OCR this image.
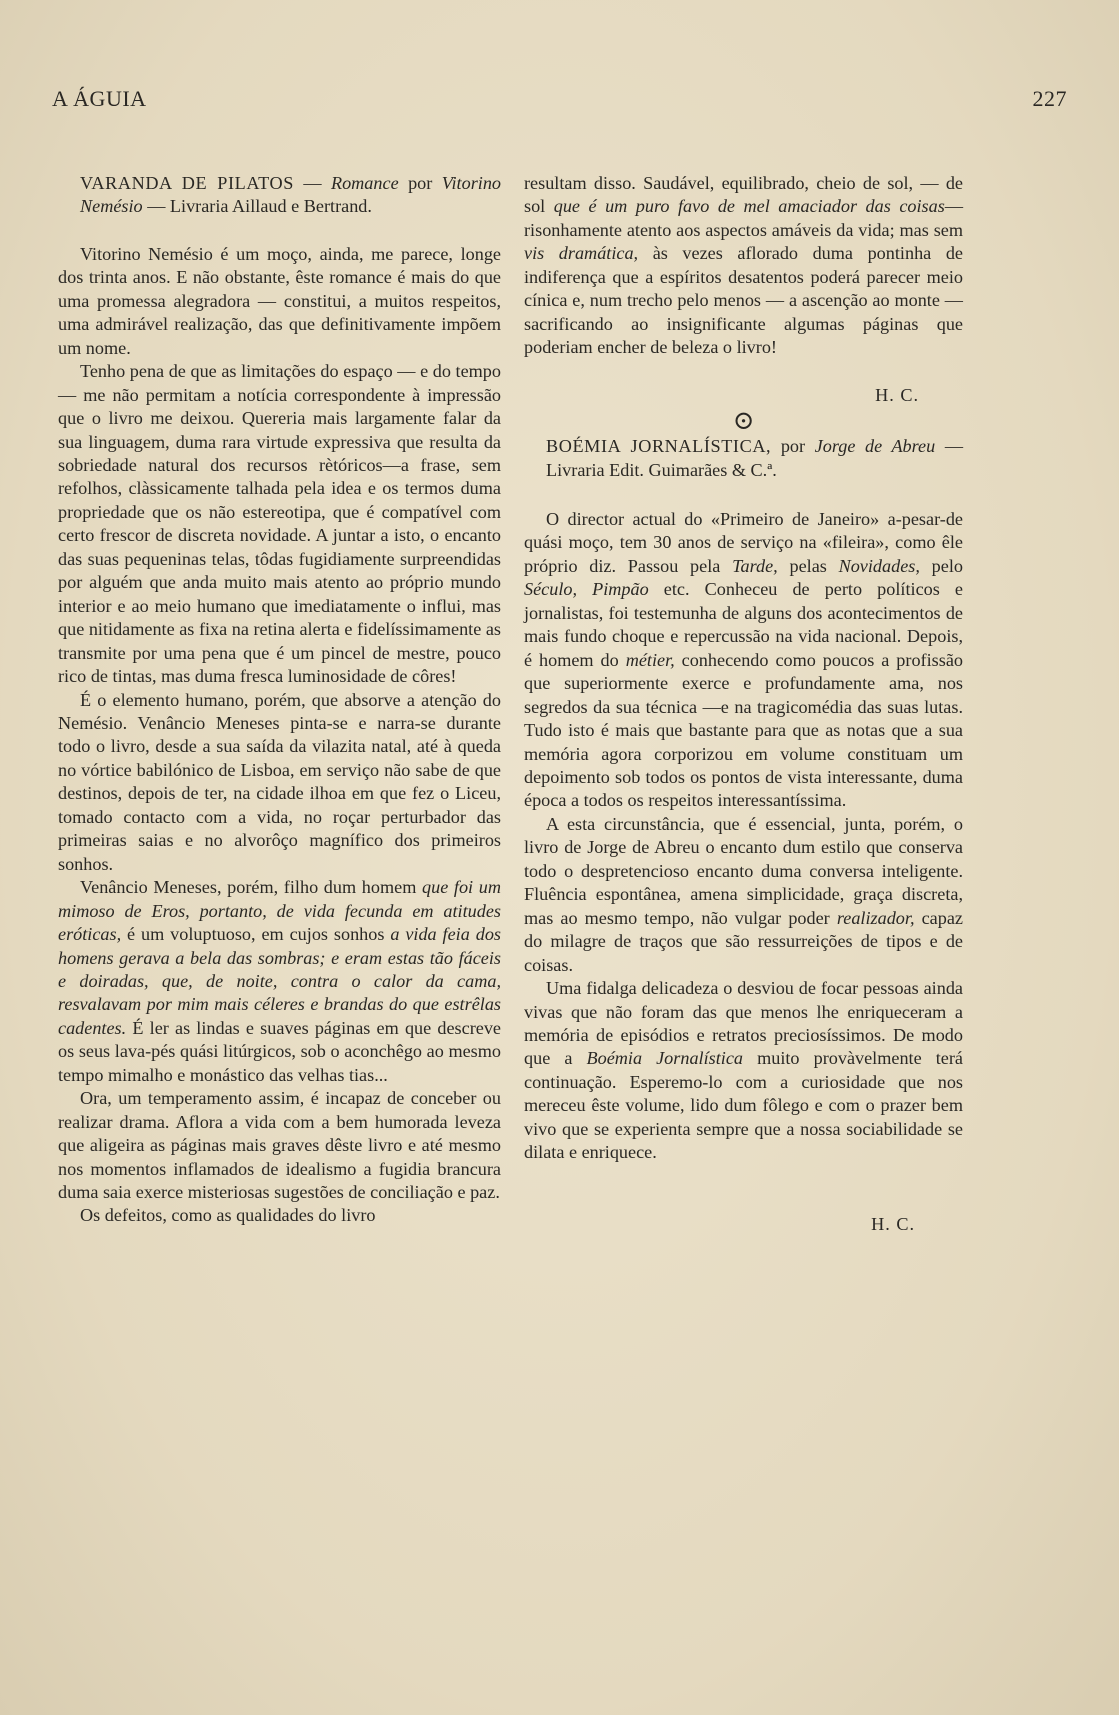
A ÁGUIA	227

VARANDA DE PILATOS — Romance por Vitorino Nemésio — Livraria Aillaud e Bertrand.

Vitorino Nemésio é um moço, ainda, me parece, longe dos trinta anos. E não obstante, êste romance é mais do que uma promessa alegradora — constitui, a muitos respeitos, uma admirável realização, das que definitivamente impõem um nome.

Tenho pena de que as limitações do espaço — e do tempo — me não permitam a notícia correspondente à impressão que o livro me deixou. Quereria mais largamente falar da sua linguagem, duma rara virtude expressiva que resulta da sobriedade natural dos recursos rètóricos—a frase, sem refolhos, clàssicamente talhada pela idea e os termos duma propriedade que os não estereotipa, que é compatível com certo frescor de discreta novidade. A juntar a isto, o encanto das suas pequeninas telas, tôdas fugidiamente surpreendidas por alguém que anda muito mais atento ao próprio mundo interior e ao meio humano que imediatamente o influi, mas que nitidamente as fixa na retina alerta e fidelíssimamente as transmite por uma pena que é um pincel de mestre, pouco rico de tintas, mas duma fresca luminosidade de côres!

É o elemento humano, porém, que absorve a atenção do Nemésio. Venâncio Meneses pinta-se e narra-se durante todo o livro, desde a sua saída da vilazita natal, até à queda no vórtice babilónico de Lisboa, em serviço não sabe de que destinos, depois de ter, na cidade ilhoa em que fez o Liceu, tomado contacto com a vida, no roçar perturbador das primeiras saias e no alvorôço magnífico dos primeiros sonhos.

Venâncio Meneses, porém, filho dum homem que foi um mimoso de Eros, portanto, de vida fecunda em atitudes eróticas, é um voluptuoso, em cujos sonhos a vida feia dos homens gerava a bela das sombras; e eram estas tão fáceis e doiradas, que, de noite, contra o calor da cama, resvalavam por mim mais céleres e brandas do que estrêlas cadentes. É ler as lindas e suaves páginas em que descreve os seus lava-pés quási litúrgicos, sob o aconchêgo ao mesmo tempo mimalho e monástico das velhas tias...

Ora, um temperamento assim, é incapaz de conceber ou realizar drama. Aflora a vida com a bem humorada leveza que aligeira as páginas mais graves dêste livro e até mesmo nos momentos inflamados de idealismo a fugidia brancura duma saia exerce misteriosas sugestões de conciliação e paz.

Os defeitos, como as qualidades do livro

resultam disso. Saudável, equilibrado, cheio de sol, — de sol que é um puro favo de mel amaciador das coisas—risonhamente atento aos aspectos amáveis da vida; mas sem vis dramática, às vezes aflorado duma pontinha de indiferença que a espíritos desatentos poderá parecer meio cínica e, num trecho pelo menos — a ascenção ao monte — sacrificando ao insignificante algumas páginas que poderiam encher de beleza o livro!

H. C.

⊙

BOÉMIA JORNALÍSTICA, por Jorge de Abreu — Livraria Edit. Guimarães & C.ª.

O director actual do «Primeiro de Janeiro» a-pesar-de quási moço, tem 30 anos de serviço na «fileira», como êle próprio diz. Passou pela Tarde, pelas Novidades, pelo Século, Pimpão etc. Conheceu de perto políticos e jornalistas, foi testemunha de alguns dos acontecimentos de mais fundo choque e repercussão na vida nacional. Depois, é homem do métier, conhecendo como poucos a profissão que superiormente exerce e profundamente ama, nos segredos da sua técnica —e na tragicomédia das suas lutas. Tudo isto é mais que bastante para que as notas que a sua memória agora corporizou em volume constituam um depoimento sob todos os pontos de vista interessante, duma época a todos os respeitos interessantíssima.

A esta circunstância, que é essencial, junta, porém, o livro de Jorge de Abreu o encanto dum estilo que conserva todo o despretencioso encanto duma conversa inteligente. Fluência espontânea, amena simplicidade, graça discreta, mas ao mesmo tempo, não vulgar poder realizador, capaz do milagre de traços que são ressurreições de tipos e de coisas.

Uma fidalga delicadeza o desviou de focar pessoas ainda vivas que não foram das que menos lhe enriqueceram a memória de episódios e retratos preciosíssimos. De modo que a Boémia Jornalística muito provàvelmente terá continuação. Esperemo-lo com a curiosidade que nos mereceu êste volume, lido dum fôlego e com o prazer bem vivo que se experienta sempre que a nossa sociabilidade se dilata e enriquece.

H. C.
